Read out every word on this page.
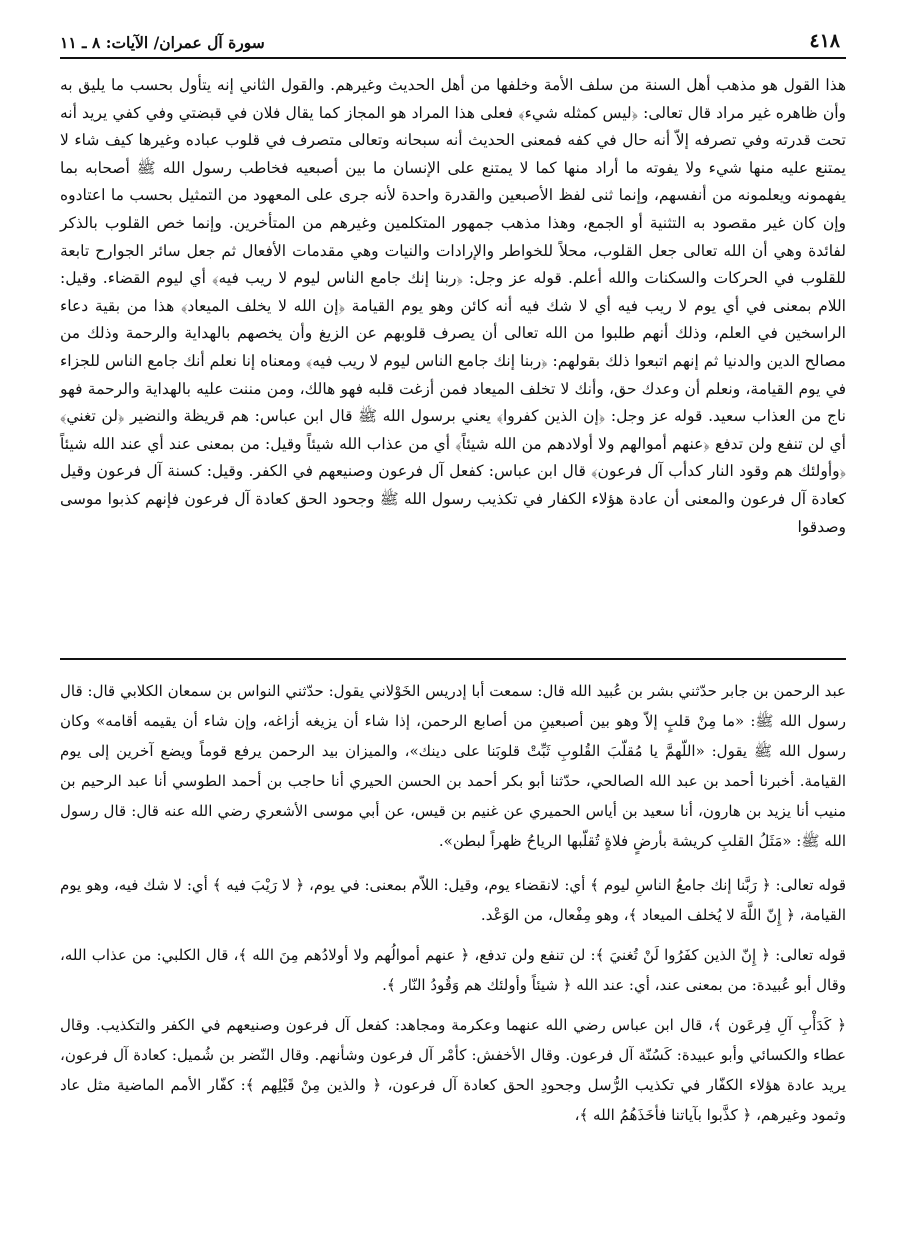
٤١٨
سورة آل عمران/ الآيات: ٨ ـ ١١
هذا القول هو مذهب أهل السنة من سلف الأمة وخلفها من أهل الحديث وغيرهم. والقول الثاني إنه يتأول بحسب ما يليق به وأن ظاهره غير مراد قال تعالى: ﴿ليس كمثله شيء﴾ فعلى هذا المراد هو المجاز كما يقال فلان في قبضتي وفي كفي يريد أنه تحت قدرته وفي تصرفه إلاّ أنه حال في كفه فمعنى الحديث أنه سبحانه وتعالى متصرف في قلوب عباده وغيرها كيف شاء لا يمتنع عليه منها شيء ولا يفوته ما أراد منها كما لا يمتنع على الإنسان ما بين أصبعيه فخاطب رسول الله ﷺ أصحابه بما يفهمونه ويعلمونه من أنفسهم، وإنما ثنى لفظ الأصبعين والقدرة واحدة لأنه جرى على المعهود من التمثيل بحسب ما اعتادوه وإن كان غير مقصود به التثنية أو الجمع، وهذا مذهب جمهور المتكلمين وغيرهم من المتأخرين. وإنما خص القلوب بالذكر لفائدة وهي أن الله تعالى جعل القلوب، محلاً للخواطر والإرادات والنيات وهي مقدمات الأفعال ثم جعل سائر الجوارح تابعة للقلوب في الحركات والسكنات والله أعلم. قوله عز وجل: ﴿ربنا إنك جامع الناس ليوم لا ريب فيه﴾ أي ليوم القضاء. وقيل: اللام بمعنى في أي يوم لا ريب فيه أي لا شك فيه أنه كائن وهو يوم القيامة ﴿إن الله لا يخلف الميعاد﴾ هذا من بقية دعاء الراسخين في العلم، وذلك أنهم طلبوا من الله تعالى أن يصرف قلوبهم عن الزيغ وأن يخصهم بالهداية والرحمة وذلك من مصالح الدين والدنيا ثم إنهم اتبعوا ذلك بقولهم: ﴿ربنا إنك جامع الناس ليوم لا ريب فيه﴾ ومعناه إنا نعلم أنك جامع الناس للجزاء في يوم القيامة، ونعلم أن وعدك حق، وأنك لا تخلف الميعاد فمن أزغت قلبه فهو هالك، ومن مننت عليه بالهداية والرحمة فهو ناج من العذاب سعيد. قوله عز وجل: ﴿إن الذين كفروا﴾ يعني برسول الله ﷺ قال ابن عباس: هم قريظة والنضير ﴿لن تغني﴾ أي لن تنفع ولن تدفع ﴿عنهم أموالهم ولا أولادهم من الله شيئاً﴾ أي من عذاب الله شيئاً وقيل: من بمعنى عند أي عند الله شيئاً ﴿وأولئك هم وقود النار كدأب آل فرعون﴾ قال ابن عباس: كفعل آل فرعون وصنيعهم في الكفر. وقيل: كسنة آل فرعون وقيل كعادة آل فرعون والمعنى أن عادة هؤلاء الكفار في تكذيب رسول الله ﷺ وجحود الحق كعادة آل فرعون فإنهم كذبوا موسى وصدقوا

عبد الرحمن بن جابر حدّثني بشر بن عُبيد الله قال: سمعت أبا إدريس الخَوْلاني يقول: حدّثني النواس بن سمعان الكلابي قال: قال رسول الله ﷺ: «ما مِنْ قلبٍ إلاّ وهو بين أصبعينِ من أصابع الرحمن، إذا شاء أن يزيغه أزاغه، وإن شاء أن يقيمه أقامه» وكان رسول الله ﷺ يقول: «اللّهمَّ يا مُقلّبَ القُلوبِ ثَبِّتْ قلوبَنا على دينك»، والميزان بيد الرحمن يرفع قوماً ويضع آخرين إلى يوم القيامة. أخبرنا أحمد بن عبد الله الصالحي، حدّثنا أبو بكر أحمد بن الحسن الحيري أنا حاجب بن أحمد الطوسي أنا عبد الرحيم بن منيب أنا يزيد بن هارون، أنا سعيد بن أياس الحميري عن غنيم بن قيس، عن أبي موسى الأشعري رضي الله عنه قال: قال رسول الله ﷺ: «مَثَلُ القلبِ كريشة بأرضٍ فلاةٍ تُقلّبها الرياحُ ظهراً لبطن».

قوله تعالى: ﴿ رَبَّنا إنك جامعُ الناسِ ليوم ﴾ أي: لانقضاء يوم، وقيل: اللاّم بمعنى: في يوم، ﴿ لا رَيْبَ فيه ﴾ أي: لا شك فيه، وهو يوم القيامة، ﴿ إِنّ اللَّهَ لا يُخلف الميعاد ﴾، وهو مِفْعال، من الوَعْد.

قوله تعالى: ﴿ إِنّ الذين كفَرُوا لَنْ تُغنيَ ﴾: لن تنفع ولن تدفع، ﴿ عنهم أموالُهم ولا أولادُهم مِنَ الله ﴾، قال الكلبي: من عذاب الله، وقال أبو عُبيدة: من بمعنى عند، أي: عند الله ﴿ شيئاً وأولئك هم وَقُودُ النّار ﴾.

﴿ كَدَأْبِ آلِ فِرعَون ﴾، قال ابن عباس رضي الله عنهما وعكرمة ومجاهد: كفعل آل فرعون وصنيعهم في الكفر والتكذيب. وقال عطاء والكسائي وأبو عبيدة: كَسُنّة آل فرعون. وقال الأخفش: كأمْر آل فرعون وشأنهم. وقال النّضر بن شُميل: كعادة آل فرعون، يريد عادة هؤلاء الكفّار في تكذيب الرُّسل وجحودِ الحق كعادة آل فرعون، ﴿ والذين مِنْ قَبْلِهم ﴾: كفّار الأمم الماضية مثل عاد وثمود وغيرهم، ﴿ كذَّبوا بآياتنا فأخَذَهُمُ الله ﴾،
